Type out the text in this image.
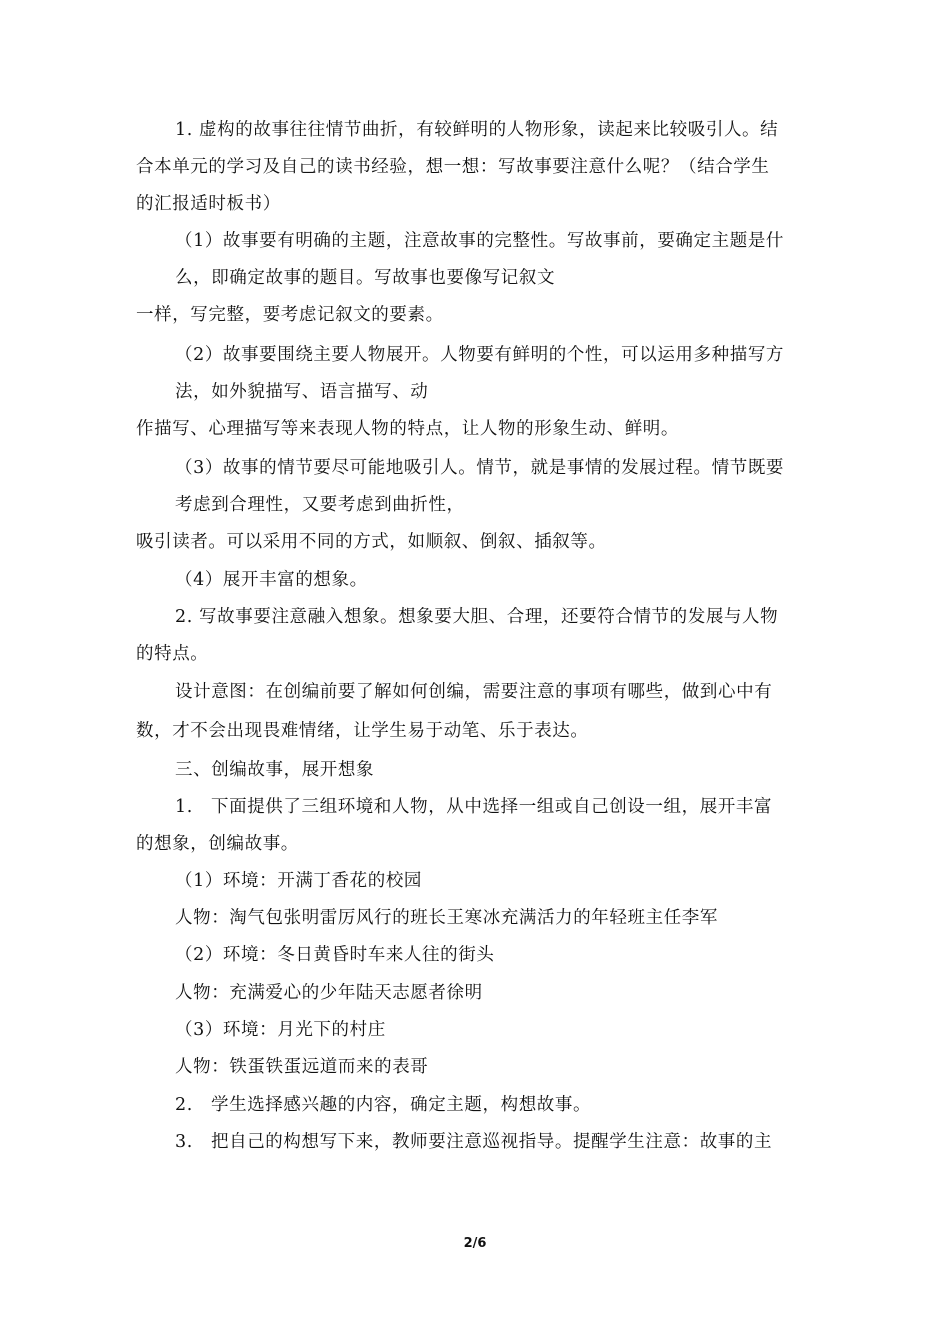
1. 虚构的故事往往情节曲折，有较鲜明的人物形象，读起来比较吸引人。结
合本单元的学习及自己的读书经验，想一想：写故事要注意什么呢？（结合学生
的汇报适时板书）
（1）故事要有明确的主题，注意故事的完整性。写故事前，要确定主题是什
么，即确定故事的题目。写故事也要像写记叙文
一样，写完整，要考虑记叙文的要素。
（2）故事要围绕主要人物展开。人物要有鲜明的个性，可以运用多种描写方
法，如外貌描写、语言描写、动
作描写、心理描写等来表现人物的特点，让人物的形象生动、鲜明。
（3）故事的情节要尽可能地吸引人。情节，就是事情的发展过程。情节既要
考虑到合理性，又要考虑到曲折性，
吸引读者。可以采用不同的方式，如顺叙、倒叙、插叙等。
（4）展开丰富的想象。
2. 写故事要注意融入想象。想象要大胆、合理，还要符合情节的发展与人物
的特点。
设计意图：在创编前要了解如何创编，需要注意的事项有哪些，做到心中有
数，才不会出现畏难情绪，让学生易于动笔、乐于表达。
三、创编故事，展开想象
1.　下面提供了三组环境和人物，从中选择一组或自己创设一组，展开丰富
的想象，创编故事。
（1）环境：开满丁香花的校园
人物：淘气包张明雷厉风行的班长王寒冰充满活力的年轻班主任李军
（2）环境：冬日黄昏时车来人往的街头
人物：充满爱心的少年陆天志愿者徐明
（3）环境：月光下的村庄
人物：铁蛋铁蛋远道而来的表哥
2.　学生选择感兴趣的内容，确定主题，构想故事。
3.　把自己的构想写下来，教师要注意巡视指导。提醒学生注意：故事的主
2/6
